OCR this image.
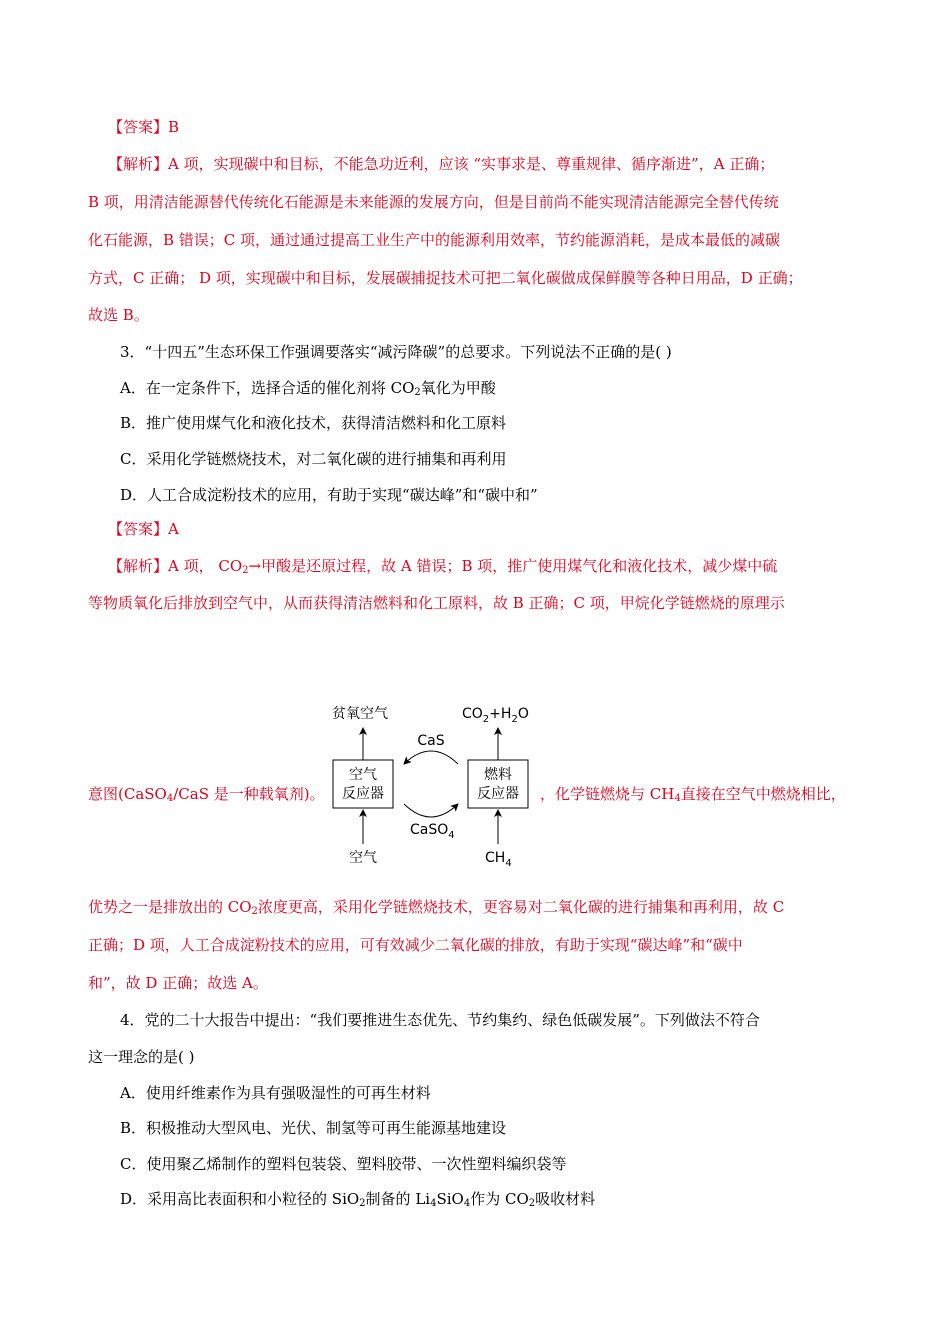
【答案】B
【解析】A 项，实现碳中和目标，不能急功近利，应该 “实事求是、尊重规律、循序渐进”，A 正确；
B 项，用清洁能源替代传统化石能源是未来能源的发展方向，但是目前尚不能实现清洁能源完全替代传统
化石能源，B 错误；C 项，通过通过提高工业生产中的能源利用效率，节约能源消耗，是成本最低的减碳
方式，C 正确； D 项，实现碳中和目标，发展碳捕捉技术可把二氧化碳做成保鲜膜等各种日用品，D 正确；
故选 B。
3．“十四五”生态环保工作强调要落实“减污降碳”的总要求。下列说法不正确的是( )
A．在一定条件下，选择合适的催化剂将 $CO_2$氧化为甲酸
B．推广使用煤气化和液化技术，获得清洁燃料和化工原料
C．采用化学链燃烧技术，对二氧化碳的进行捕集和再利用
D．人工合成淀粉技术的应用，有助于实现“碳达峰”和“碳中和”
【答案】A
【解析】A 项， $CO_2\to$甲酸是还原过程，故 A 错误；B 项，推广使用煤气化和液化技术，减少煤中硫
等物质氧化后排放到空气中，从而获得清洁燃料和化工原料，故 B 正确；C 项，甲烷化学链燃烧的原理示
意图(CaSO$_4$/CaS 是一种载氧剂)。	，化学链燃烧与 $CH_4$直接在空气中燃烧相比，
贫氧空气	$CO_2+H_2O$
空气
反应器
燃料
反应器
CaS
CaSO$_4$
空气	$CH_4$
优势之一是排放出的 $CO_2$浓度更高，采用化学链燃烧技术，更容易对二氧化碳的进行捕集和再利用，故 C
正确；D 项，人工合成淀粉技术的应用，可有效减少二氧化碳的排放，有助于实现“碳达峰”和“碳中
和”，故 D 正确；故选 A。
4．党的二十大报告中提出：“我们要推进生态优先、节约集约、绿色低碳发展”。下列做法不符合
这一理念的是( )
A．使用纤维素作为具有强吸湿性的可再生材料
B．积极推动大型风电、光伏、制氢等可再生能源基地建设
C．使用聚乙烯制作的塑料包装袋、塑料胶带、一次性塑料编织袋等
D．采用高比表面积和小粒径的 SiO$_2$制备的 $Li_4SiO_4$作为 $CO_2$吸收材料
